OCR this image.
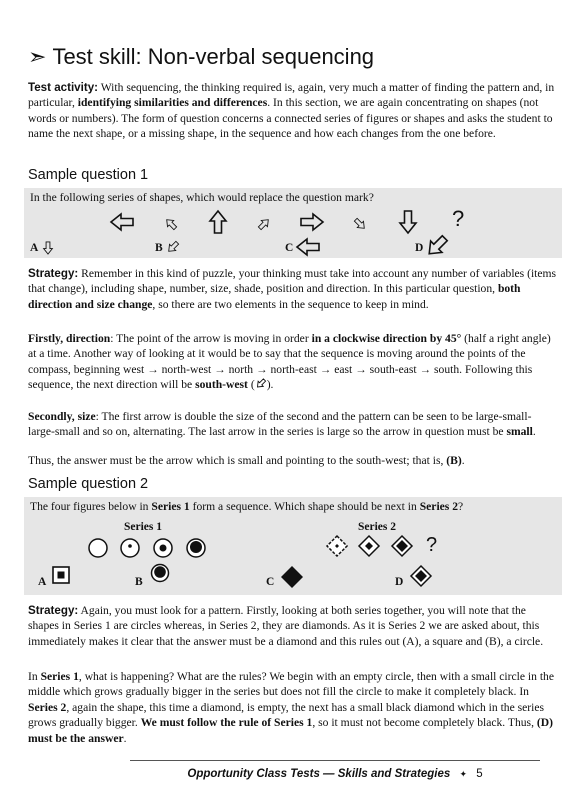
➣ Test skill: Non-verbal sequencing
Test activity: With sequencing, the thinking required is, again, very much a matter of finding the pattern and, in particular, identifying similarities and differences. In this section, we are again concentrating on shapes (not words or numbers). The form of question concerns a connected series of figures or shapes and asks the student to name the next shape, or a missing shape, in the sequence and how each changes from the one before.
Sample question 1
In the following series of shapes, which would replace the question mark?
?
A	B	C	D
Strategy: Remember in this kind of puzzle, your thinking must take into account any number of variables (items that change), including shape, number, size, shade, position and direction. In this particular question, both direction and size change, so there are two elements in the sequence to keep in mind.
Firstly, direction: The point of the arrow is moving in order in a clockwise direction by 45° (half a right angle) at a time. Another way of looking at it would be to say that the sequence is moving around the points of the compass, beginning west → north-west → north → north-east → east → south-east → south. Following this sequence, the next direction will be south-west ( ).
Secondly, size: The first arrow is double the size of the second and the pattern can be seen to be large-small-large-small and so on, alternating. The last arrow in the series is large so the arrow in question must be small.
Thus, the answer must be the arrow which is small and pointing to the south-west; that is, (B).
Sample question 2
The four figures below in Series 1 form a sequence. Which shape should be next in Series 2?
Series 1	Series 2
?
A	B	C	D
Strategy: Again, you must look for a pattern. Firstly, looking at both series together, you will note that the shapes in Series 1 are circles whereas, in Series 2, they are diamonds. As it is Series 2 we are asked about, this immediately makes it clear that the answer must be a diamond and this rules out (A), a square and (B), a circle.
In Series 1, what is happening? What are the rules? We begin with an empty circle, then with a small circle in the middle which grows gradually bigger in the series but does not fill the circle to make it completely black. In Series 2, again the shape, this time a diamond, is empty, the next has a small black diamond which in the series grows gradually bigger. We must follow the rule of Series 1, so it must not become completely black. Thus, (D) must be the answer.
Opportunity Class Tests — Skills and Strategies ✦ 5
